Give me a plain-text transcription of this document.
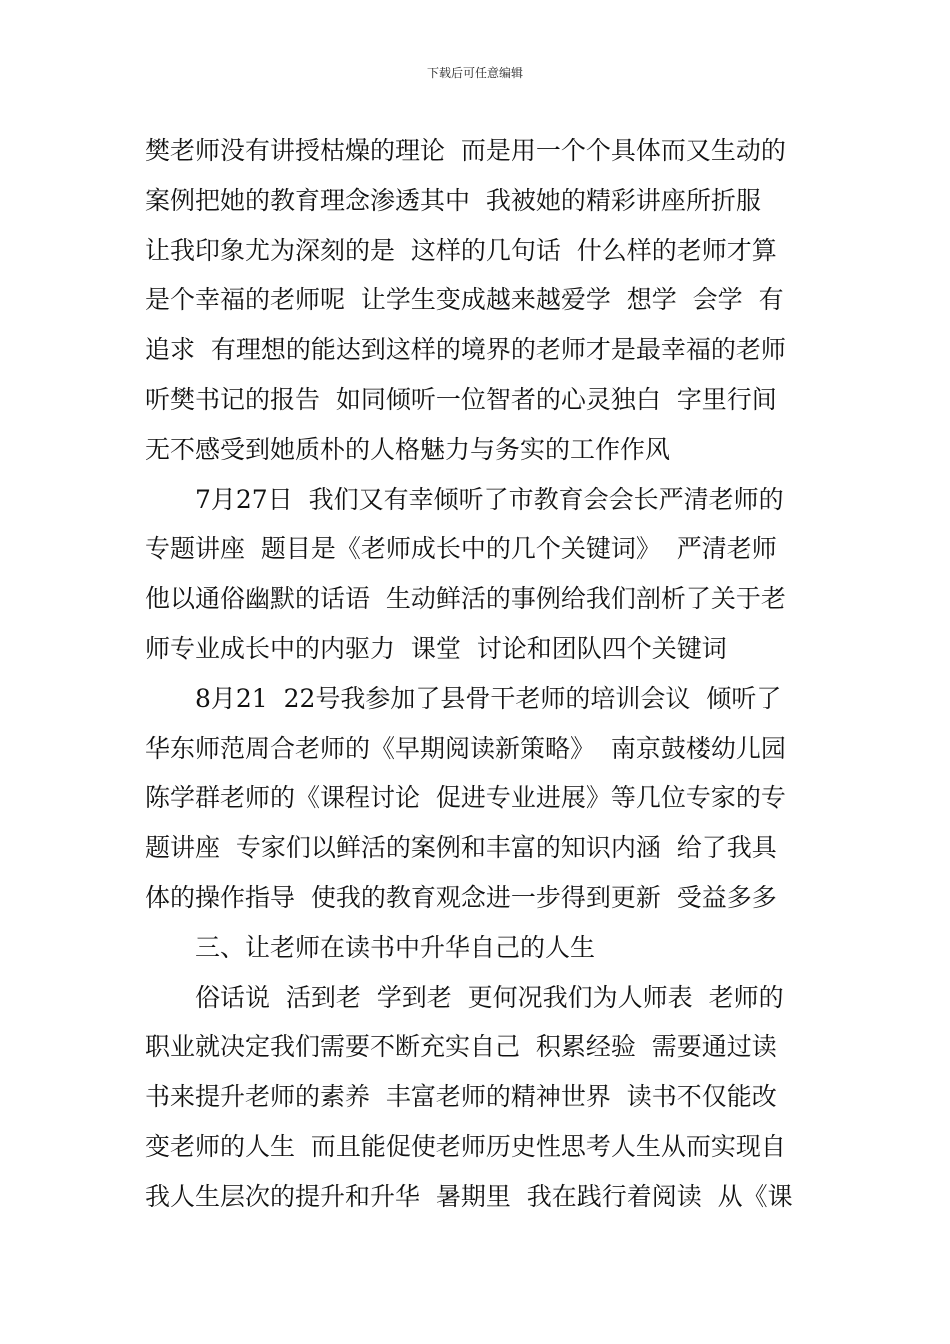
下载后可任意编辑
樊老师没有讲授枯燥的理论  而是用一个个具体而又生动的
案例把她的教育理念渗透其中  我被她的精彩讲座所折服
让我印象尤为深刻的是  这样的几句话  什么样的老师才算
是个幸福的老师呢  让学生变成越来越爱学  想学  会学  有
追求  有理想的能达到这样的境界的老师才是最幸福的老师
听樊书记的报告  如同倾听一位智者的心灵独白  字里行间
无不感受到她质朴的人格魅力与务实的工作作风
7月27日  我们又有幸倾听了市教育会会长严清老师的
专题讲座  题目是《老师成长中的几个关键词》  严清老师
他以通俗幽默的话语  生动鲜活的事例给我们剖析了关于老
师专业成长中的内驱力  课堂  讨论和团队四个关键词
8月21  22号我参加了县骨干老师的培训会议  倾听了
华东师范周合老师的《早期阅读新策略》  南京鼓楼幼儿园
陈学群老师的《课程讨论  促进专业进展》等几位专家的专
题讲座  专家们以鲜活的案例和丰富的知识内涵  给了我具
体的操作指导  使我的教育观念进一步得到更新  受益多多
三、让老师在读书中升华自己的人生
俗话说  活到老  学到老  更何况我们为人师表  老师的
职业就决定我们需要不断充实自己  积累经验  需要通过读
书来提升老师的素养  丰富老师的精神世界  读书不仅能改
变老师的人生  而且能促使老师历史性思考人生从而实现自
我人生层次的提升和升华  暑期里  我在践行着阅读  从《课
